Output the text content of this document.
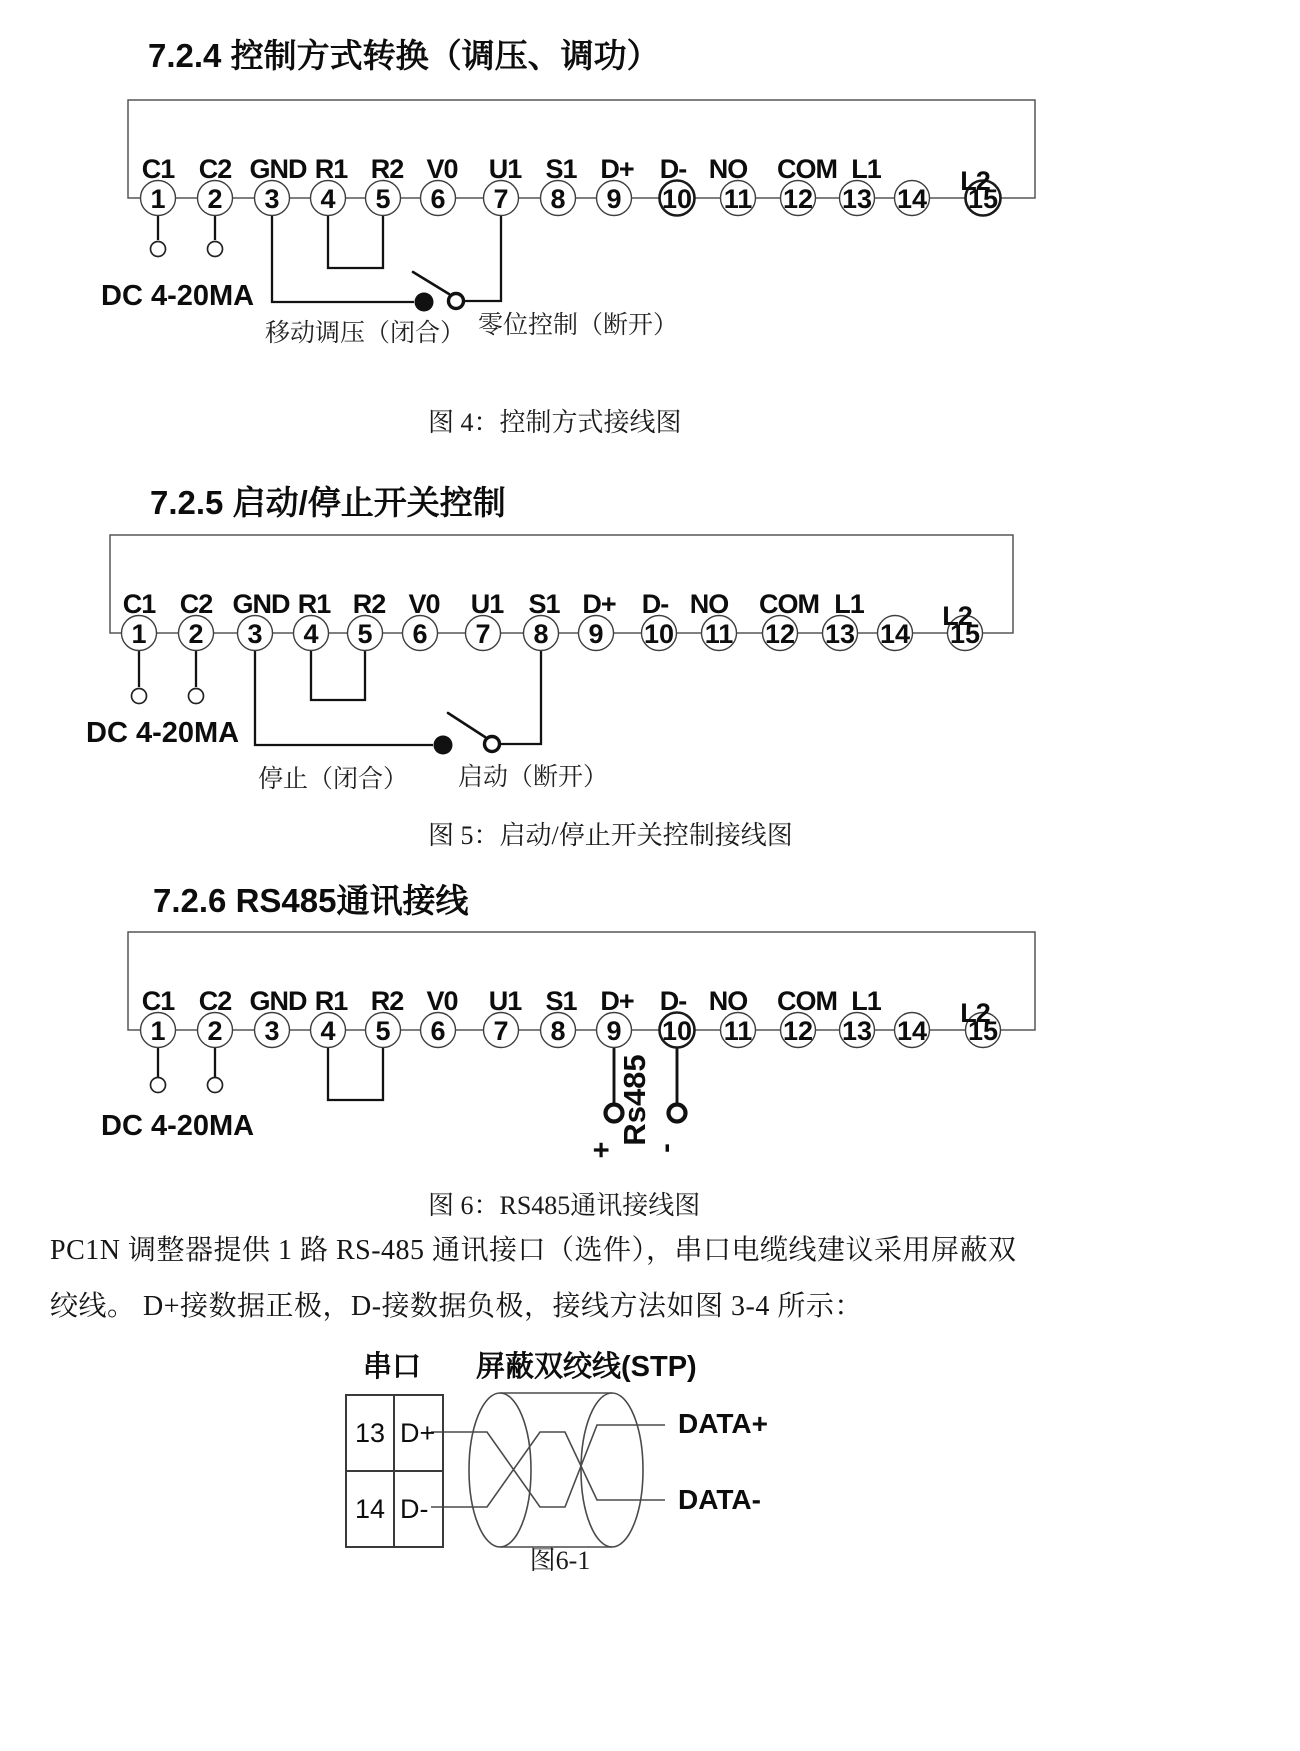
7.2.4 控制方式转换（调压、调功）
7.2.5 启动/停止开关控制
7.2.6 RS485通讯接线
图 4：控制方式接线图
图 5：启动/停止开关控制接线图
图 6：RS485通讯接线图
PC1N 调整器提供 1 路 RS-485 通讯接口（选件），串口电缆线建议采用屏蔽双
绞线。 D+接数据正极，D-接数据负极，接线方法如图 3-4 所示：
1
C1
2
C2
3
GND
4
R1
5
R2
6
V0
7
U1
8
S1
9
D+
10
D-
11
NO
12
COM
13
L1
14 15
L2
DC 4-20MA
移动调压（闭合） 零位控制（断开）
1
C1
2
C2
3
GND
4
R1
5
R2
6
V0
7
U1
8
S1
9
D+
10
D-
11
NO
12
COM
13
L1
14 15
L2
DC 4-20MA
停止（闭合） 启动（断开）
1
C1
2
C2
3
GND
4
R1
5
R2
6
V0
7
U1
8
S1
9
D+
10
D-
11
NO
12
COM
13
L1
14 15
L2
DC 4-20MA	Rs485
+ -
串口 屏蔽双绞线(STP)
13	D+
14	D-
DATA+
DATA-
图6-1
